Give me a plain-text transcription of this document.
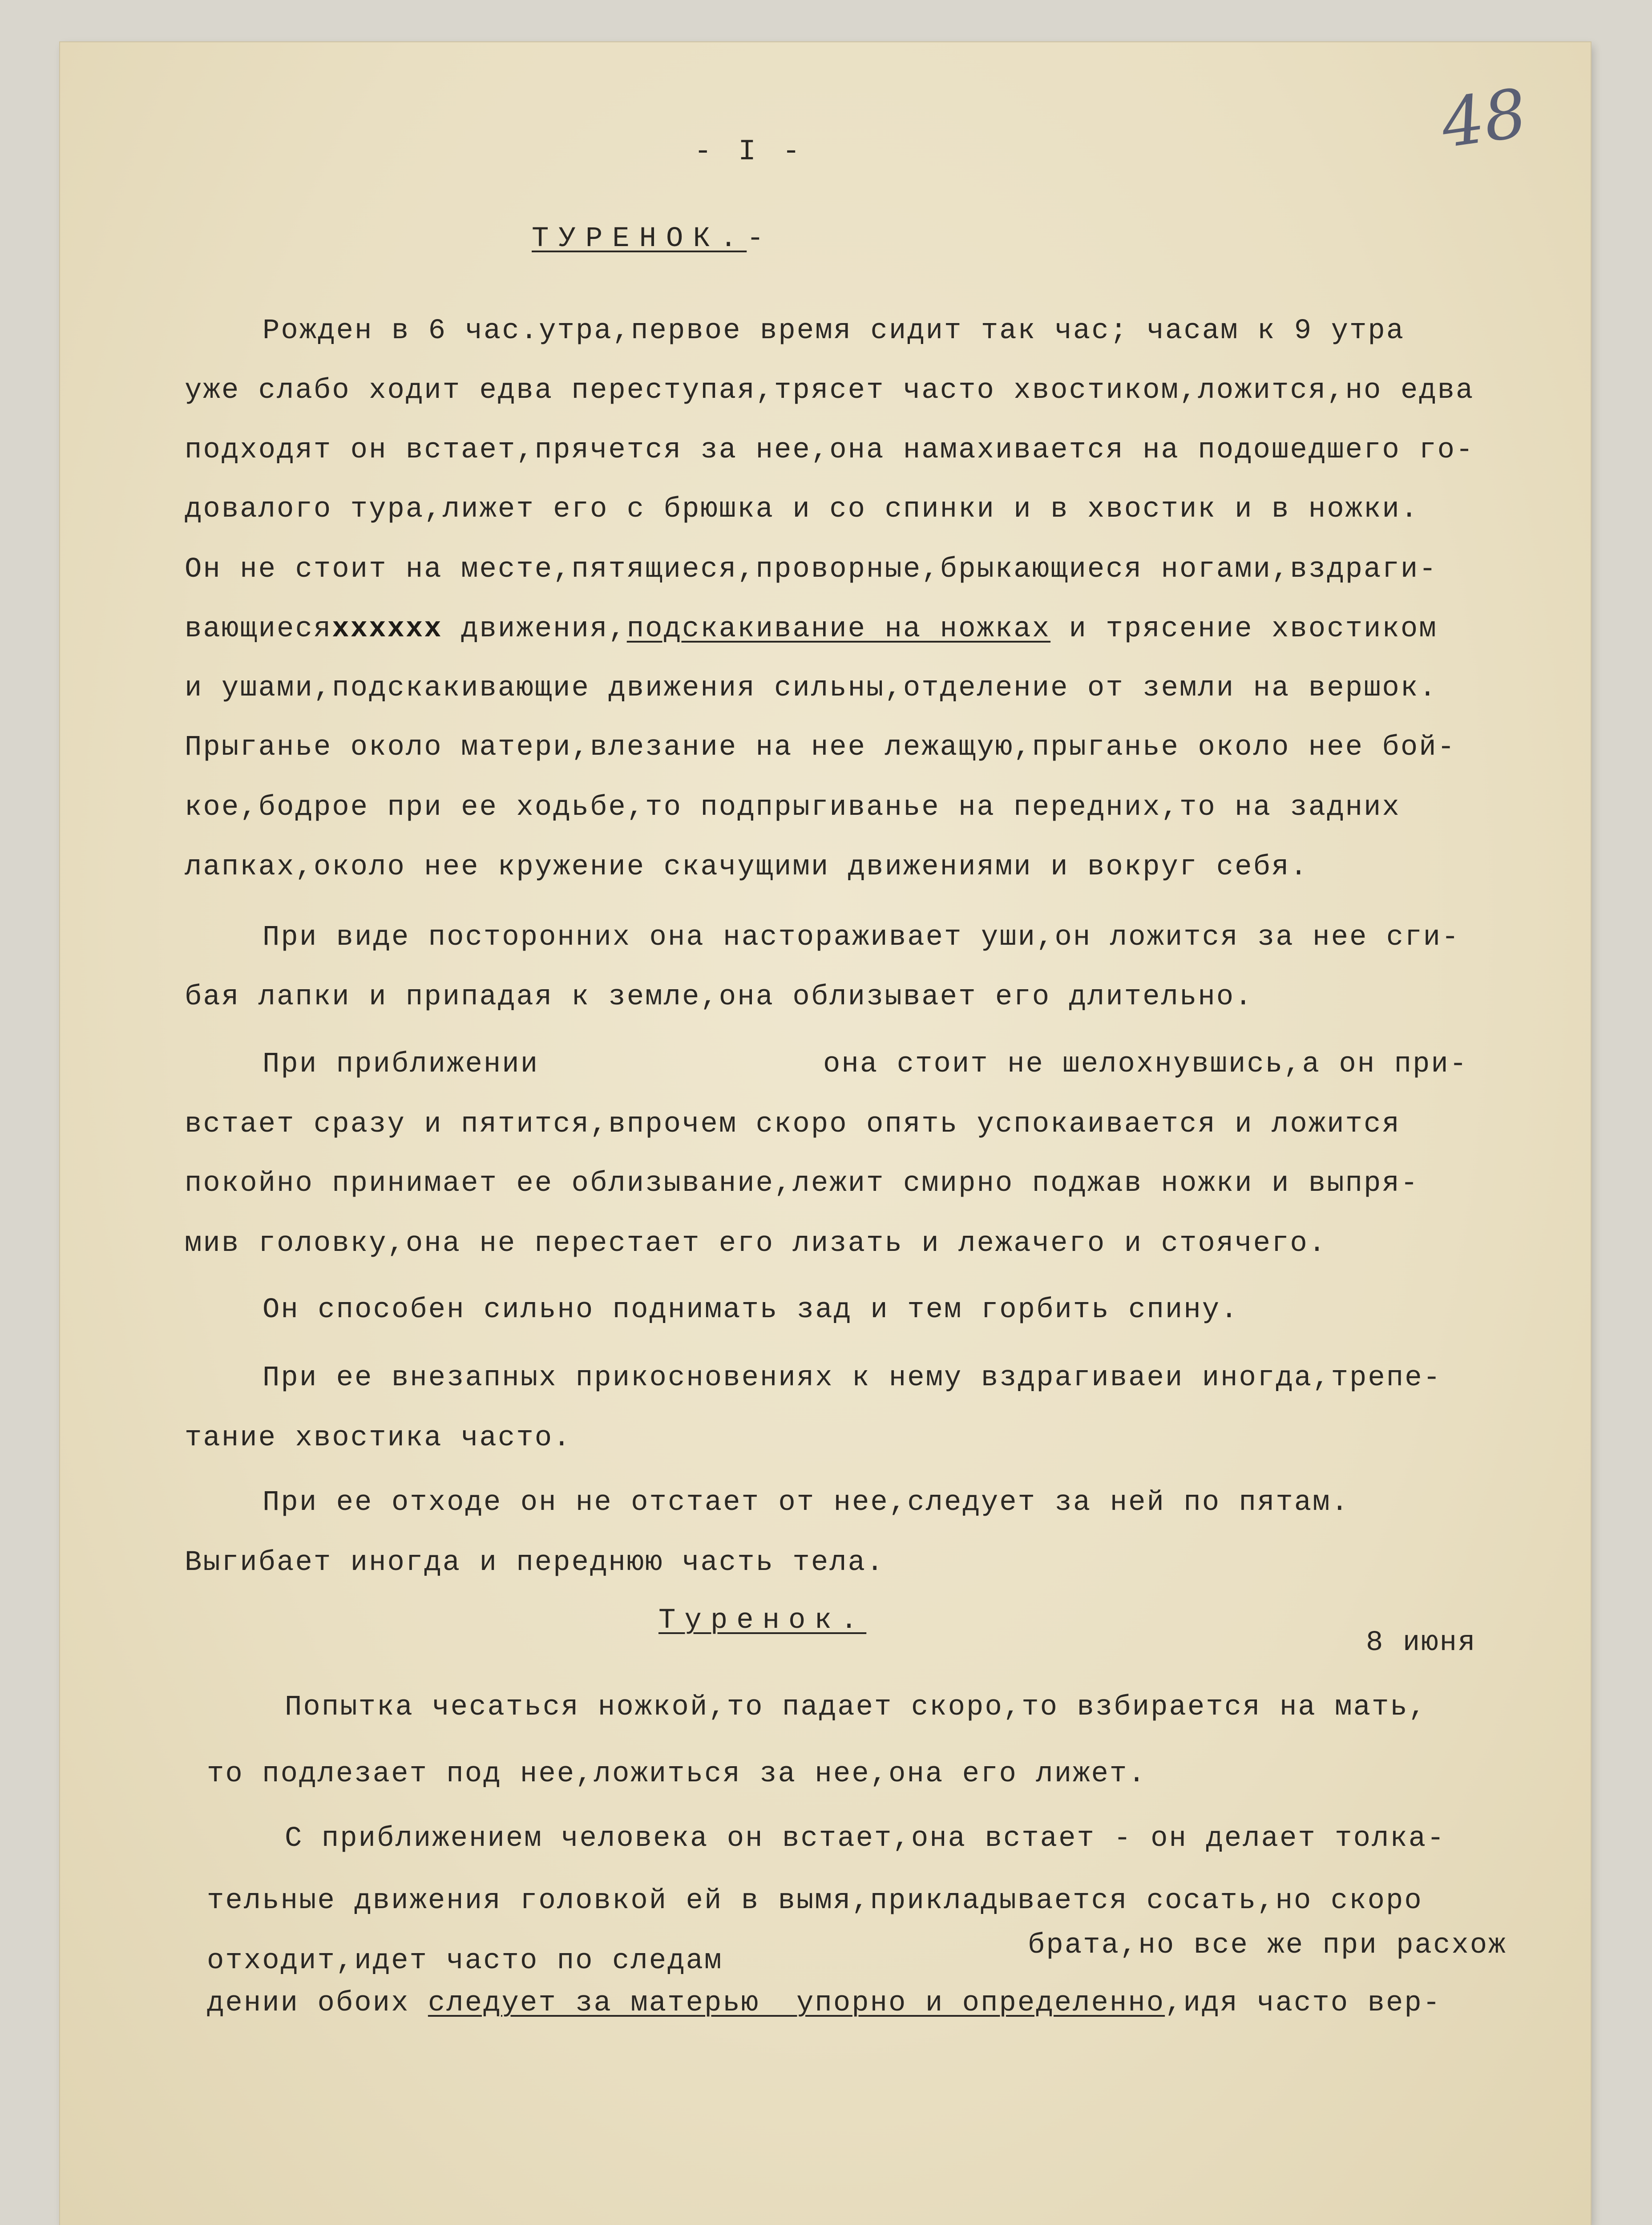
48
- I -
ТУРЕНОК.-
Рожден в 6 час.утра,первое время сидит так час; часам к 9 утра
уже слабо ходит едва переступая,трясет часто хвостиком,ложится,но едва
подходят он встает,прячется за нее,она намахивается на подошедшего го-
довалого тура,лижет его с брюшка и со спинки и в хвостик и в ножки.
Он не стоит на месте,пятящиеся,проворные,брыкающиеся ногами,вздраги-
вающиесяxxxxxx движения,подскакивание на ножках и трясение хвостиком
и ушами,подскакивающие движения сильны,отделение от земли на вершок.
Прыганье около матери,влезание на нее лежащую,прыганье около нее бой-
кое,бодрое при ее ходьбе,то подпрыгиванье на передних,то на задних
лапках,около нее кружение скачущими движениями и вокруг себя.
При виде посторонних она настораживает уши,он ложится за нее сги-
бая лапки и припадая к земле,она облизывает его длительно.
При приближении	она стоит не шелохнувшись,а он при-
встает сразу и пятится,впрочем скоро опять успокаивается и ложится
покойно принимает ее облизывание,лежит смирно поджав ножки и выпря-
мив головку,она не перестает его лизать и лежачего и стоячего.
Он способен сильно поднимать зад и тем горбить спину.
При ее внезапных прикосновениях к нему вздрагиваеи иногда,трепе-
тание хвостика часто.
При ее отходе он не отстает от нее,следует за ней по пятам.
Выгибает иногда и переднюю часть тела.
Туренок.
8 июня
Попытка чесаться ножкой,то падает скоро,то взбирается на мать,
то подлезает под нее,ложиться за нее,она его лижет.
С приближением человека он встает,она встает - он делает толка-
тельные движения головкой ей в вымя,прикладывается сосать,но скоро
отходит,идет часто по следам	брата,но все же при расхож
дении обоих следует за матерью  упорно и определенно,идя часто вер-
